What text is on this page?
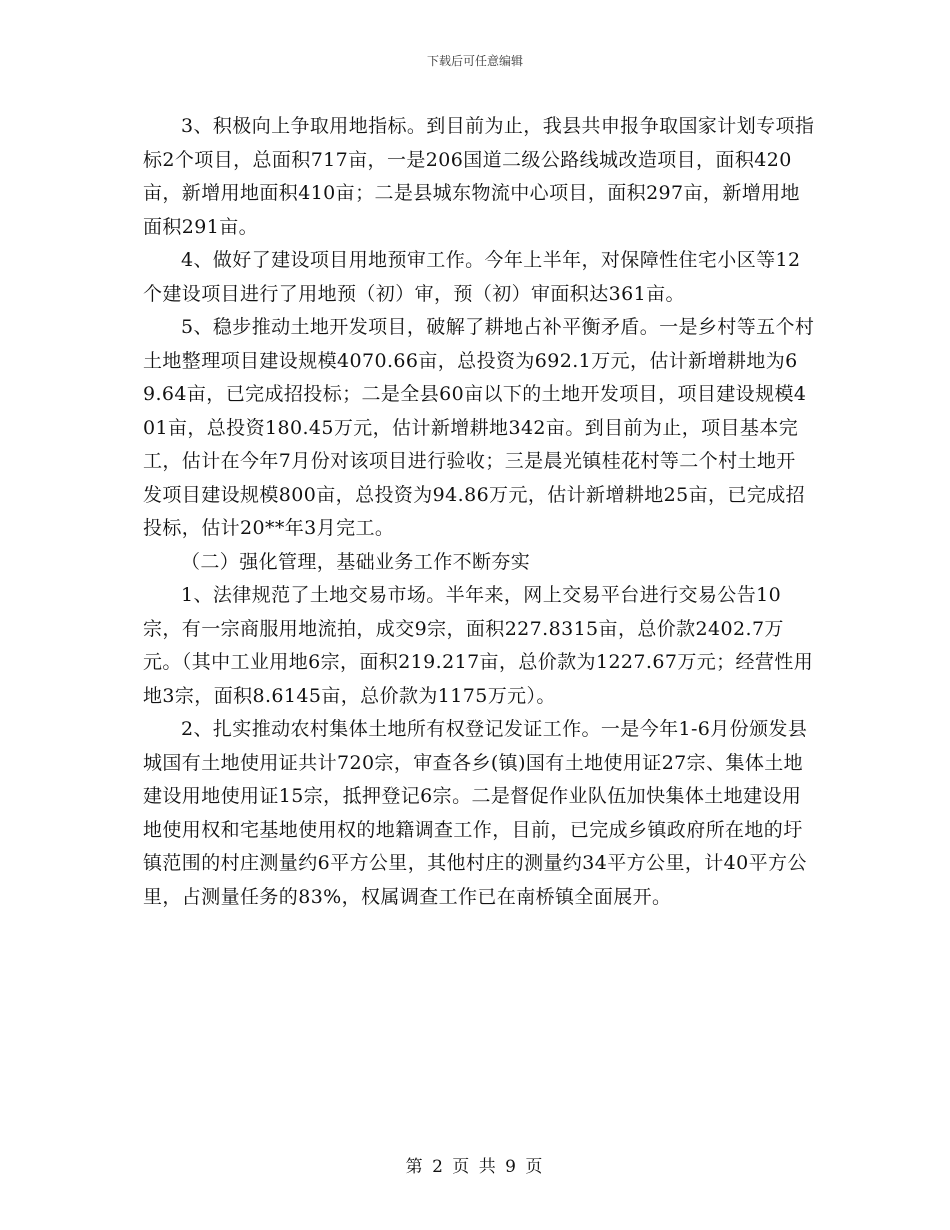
下载后可任意编辑

3、积极向上争取用地指标。到目前为止，我县共申报争取国家计划专项指标2个项目，总面积717亩，一是206国道二级公路线城改造项目，面积420亩，新增用地面积410亩；二是县城东物流中心项目，面积297亩，新增用地面积291亩。

4、做好了建设项目用地预审工作。今年上半年，对保障性住宅小区等12个建设项目进行了用地预（初）审，预（初）审面积达361亩。

5、稳步推动土地开发项目，破解了耕地占补平衡矛盾。一是乡村等五个村土地整理项目建设规模4070.66亩，总投资为692.1万元，估计新增耕地为69.64亩，已完成招投标；二是全县60亩以下的土地开发项目，项目建设规模401亩，总投资180.45万元，估计新增耕地342亩。到目前为止，项目基本完工，估计在今年7月份对该项目进行验收；三是晨光镇桂花村等二个村土地开发项目建设规模800亩，总投资为94.86万元，估计新增耕地25亩，已完成招投标，估计20**年3月完工。

（二）强化管理，基础业务工作不断夯实

1、法律规范了土地交易市场。半年来，网上交易平台进行交易公告10宗，有一宗商服用地流拍，成交9宗，面积227.8315亩，总价款2402.7万元。（其中工业用地6宗，面积219.217亩，总价款为1227.67万元；经营性用地3宗，面积8.6145亩，总价款为1175万元）。

2、扎实推动农村集体土地所有权登记发证工作。一是今年1-6月份颁发县城国有土地使用证共计720宗，审查各乡(镇)国有土地使用证27宗、集体土地建设用地使用证15宗，抵押登记6宗。二是督促作业队伍加快集体土地建设用地使用权和宅基地使用权的地籍调查工作，目前，已完成乡镇政府所在地的圩镇范围的村庄测量约6平方公里，其他村庄的测量约34平方公里，计40平方公里，占测量任务的83%，权属调查工作已在南桥镇全面展开。

第 2 页 共 9 页
